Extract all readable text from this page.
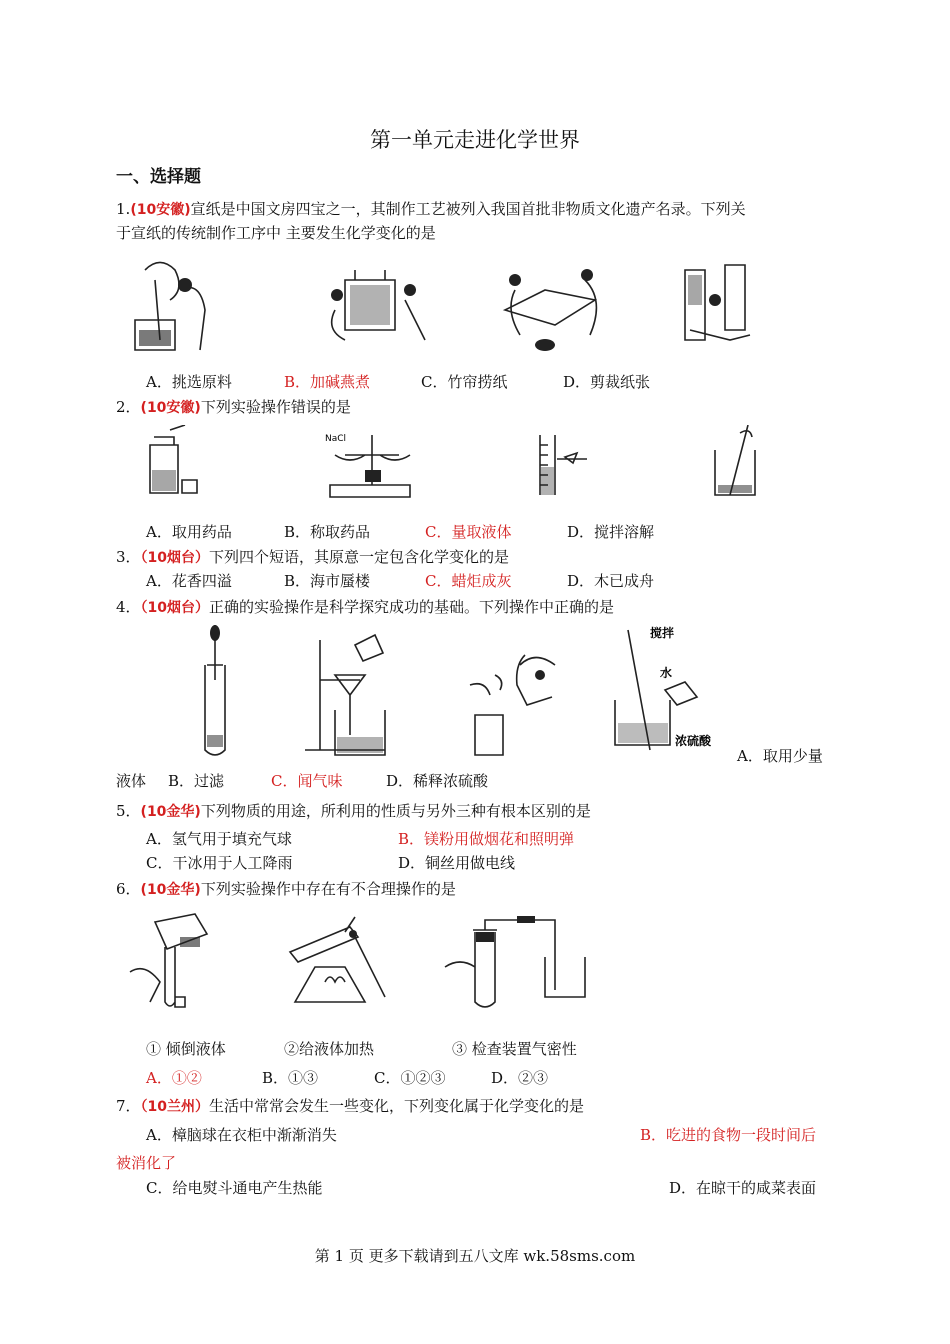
第一单元走进化学世界
一、选择题
1.(10安徽)宣纸是中国文房四宝之一，其制作工艺被列入我国首批非物质文化遗产名录。下列关
于宣纸的传统制作工序中 主要发生化学变化的是
A．挑选原料	B．加碱燕煮	C．竹帘捞纸	D．剪裁纸张
2．(10安徽)下列实验操作错误的是
NaCl
A．取用药品	B．称取药品	C．量取液体	D．搅拌溶解
3．（10烟台）下列四个短语，其原意一定包含化学变化的是
A．花香四溢	B．海市蜃楼	C．蜡炬成灰	D．木已成舟
4．（10烟台）正确的实验操作是科学探究成功的基础。下列操作中正确的是
搅拌
水
浓硫酸
A．取用少量
液体 B．过滤	C．闻气味	D．稀释浓硫酸
5．(10金华)下列物质的用途，所利用的性质与另外三种有根本区别的是
A．氢气用于填充气球	B．镁粉用做烟花和照明弹
C．干冰用于人工降雨	D．铜丝用做电线
6．(10金华)下列实验操作中存在有不合理操作的是
① 倾倒液体	②给液体加热	③ 检查装置气密性
A．①②	B．①③	C．①②③	D．②③
7．（10兰州）生活中常常会发生一些变化，下列变化属于化学变化的是
A．樟脑球在衣柜中渐渐消失	B．吃进的食物一段时间后
被消化了
C．给电熨斗通电产生热能	D．在晾干的咸菜表面
第 1 页 更多下载请到五八文库 wk.58sms.com
